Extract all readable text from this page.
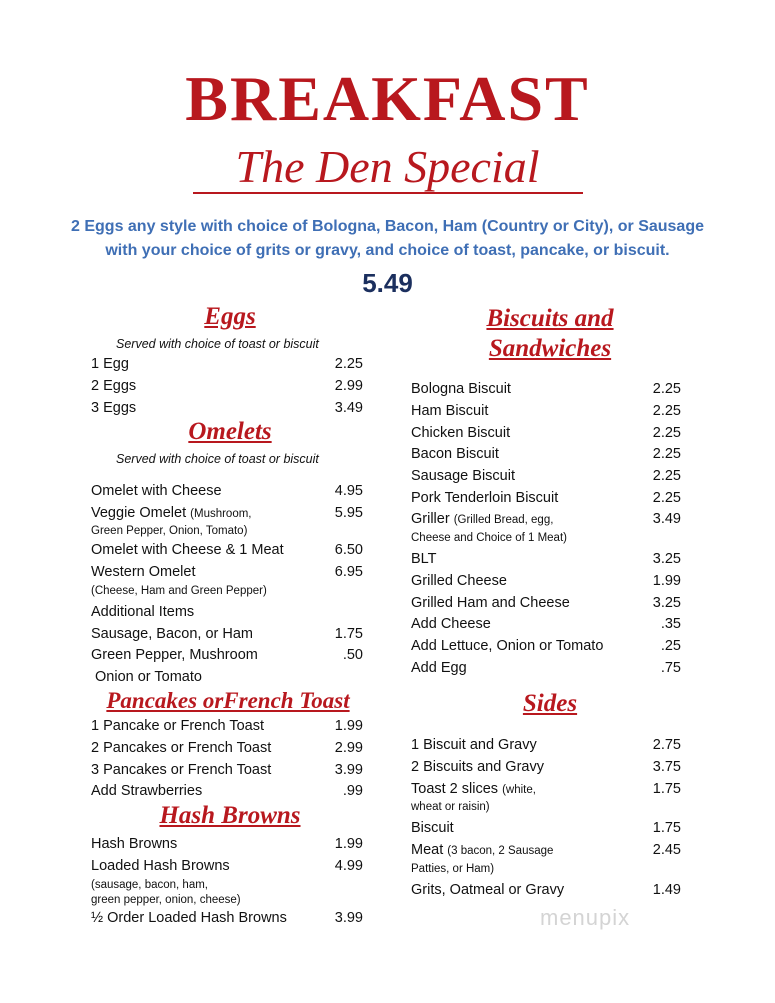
BREAKFAST
The Den Special
2 Eggs any style with choice of Bologna, Bacon, Ham (Country or City), or Sausage
with your choice of grits or gravy, and choice of toast, pancake, or biscuit.
5.49
Eggs
Served with choice of toast or biscuit
1 Egg	2.25
2 Eggs	2.99
3 Eggs	3.49
Omelets
Served with choice of toast or biscuit
Omelet with Cheese	4.95
Veggie Omelet (Mushroom,	5.95
Green Pepper, Onion, Tomato)
Omelet with Cheese & 1 Meat	6.50
Western Omelet	6.95
(Cheese, Ham and Green Pepper)
Additional Items
Sausage, Bacon, or Ham	1.75
Green Pepper, Mushroom	.50
Onion or Tomato
Pancakes orFrench Toast
1 Pancake or French Toast	1.99
2 Pancakes or French Toast	2.99
3 Pancakes or French Toast	3.99
Add Strawberries	.99
Hash Browns
Hash Browns	1.99
Loaded Hash Browns	4.99
(sausage, bacon, ham,
green pepper, onion, cheese)
½ Order Loaded Hash Browns	3.99
Biscuits and
Sandwiches
Bologna Biscuit	2.25
Ham Biscuit	2.25
Chicken Biscuit	2.25
Bacon Biscuit	2.25
Sausage Biscuit	2.25
Pork Tenderloin Biscuit	2.25
Griller (Grilled Bread, egg,	3.49
Cheese and Choice of 1 Meat)
BLT	3.25
Grilled Cheese	1.99
Grilled Ham and Cheese	3.25
Add Cheese	.35
Add Lettuce, Onion or Tomato	.25
Add Egg	.75
Sides
1 Biscuit and Gravy	2.75
2 Biscuits and Gravy	3.75
Toast 2 slices (white,	1.75
wheat or raisin)
Biscuit	1.75
Meat (3 bacon, 2 Sausage	2.45
Patties, or Ham)
Grits, Oatmeal or Gravy	1.49
menupix
